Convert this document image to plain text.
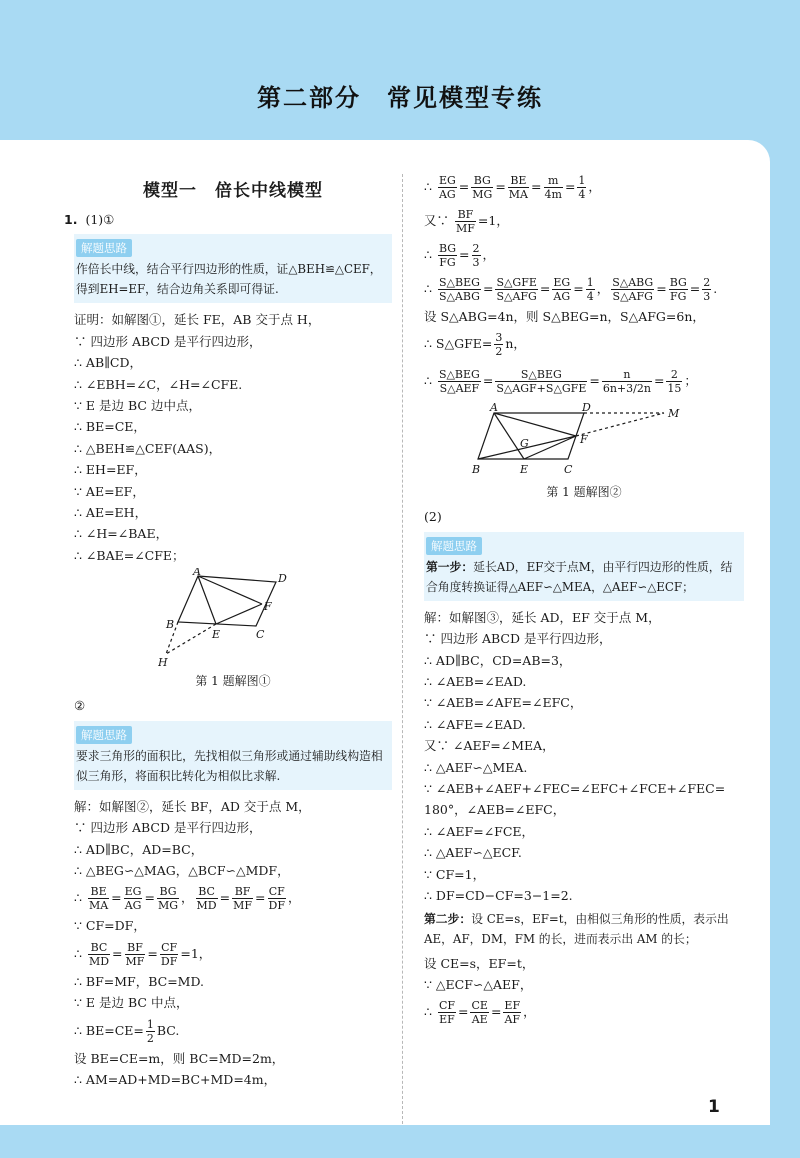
第二部分　常见模型专练
模型一　倍长中线模型
1. (1)①
解题思路
作倍长中线，结合平行四边形的性质，证△BEH≌△CEF，得到EH=EF，结合边角关系即可得证.
证明：如解图①，延长 FE，AB 交于点 H，
∵ 四边形 ABCD 是平行四边形，
∴ AB∥CD，
∴ ∠EBH=∠C，∠H=∠CFE.
∵ E 是边 BC 边中点，
∴ BE=CE，
∴ △BEH≌△CEF(AAS)，
∴ EH=EF，
∵ AE=EF，
∴ AE=EH，
∴ ∠H=∠BAE，
∴ ∠BAE=∠CFE；
A
D
B
E
F
C
H
第 1 题解图①
②
解题思路
要求三角形的面积比，先找相似三角形或通过辅助线构造相似三角形，将面积比转化为相似比求解.
解：如解图②，延长 BF，AD 交于点 M，
∵ 四边形 ABCD 是平行四边形，
∴ AD∥BC，AD=BC，
∴ △BEG∽△MAG，△BCF∽△MDF，
∴ $\frac{BE}{MA} = \frac{EG}{AG} = \frac{BG}{MG}$ ， $\frac{BC}{MD} = \frac{BF}{MF} = \frac{CF}{DF}$ ，
∵ CF=DF，
∴ $\frac{BC}{MD} = \frac{BF}{MF} = \frac{CF}{DF} =1$，
∴ BF=MF，BC=MD.
∵ E 是边 BC 中点，
∴ $BE=CE= \frac{1}{2}$ BC.
设 BE=CE=m，则 BC=MD=2m，
∴ AM=AD+MD=BC+MD=4m，
∴ $\frac{EG}{AG} = \frac{BG}{MG} = \frac{BE}{MA} = \frac{m}{4m} = \frac{1}{4}$ ，
又∵ $\frac{BF}{MF} =1$，
∴ $\frac{BG}{FG} = \frac{2}{3}$ ，
∴ $\frac{\text{S△BEG}}{\text{S△ABG}} = \frac{\text{S△GFE}}{\text{S△AFG}} = \frac{EG}{AG} = \frac{1}{4}$ ， $\frac{\text{S△ABG}}{\text{S△AFG}} = \frac{BG}{FG} = \frac{2}{3}$ .
设 S△ABG=4n，则 S△BEG=n，S△AFG=6n，
∴ S△GFE= $\frac{3}{2}$ n，
∴ $\frac{\text{S△BEG}}{\text{S△AEF}} = \frac{\text{S△BEG}}{\text{S△AGF+S△GFE}} = \frac{n}{6n+3/2n} = \frac{2}{15}$ ；
A	D	M
G	F
B	E	C
第 1 题解图②
(2)
解题思路
第一步：延长AD，EF交于点M，由平行四边形的性质，结合角度转换证得△AEF∽△MEA，△AEF∽△ECF；
解：如解图③，延长 AD，EF 交于点 M，
∵ 四边形 ABCD 是平行四边形，
∴ AD∥BC，CD=AB=3，
∴ ∠AEB=∠EAD.
∵ ∠AEB=∠AFE=∠EFC，
∴ ∠AFE=∠EAD.
又∵ ∠AEF=∠MEA，
∴ △AEF∽△MEA.
∵ ∠AEB+∠AEF+∠FEC=∠EFC+∠FCE+∠FEC=
180°，∠AEB=∠EFC，
∴ ∠AEF=∠FCE，
∴ △AEF∽△ECF.
∵ CF=1，
∴ DF=CD−CF=3−1=2.
第二步：设 CE=s，EF=t，由相似三角形的性质，表示出 AE，AF，DM，FM 的长，进而表示出 AM 的长；
设 CE=s，EF=t，
∵ △ECF∽△AEF，
∴ $\frac{CF}{EF} = \frac{CE}{AE} = \frac{EF}{AF}$ ，
1
